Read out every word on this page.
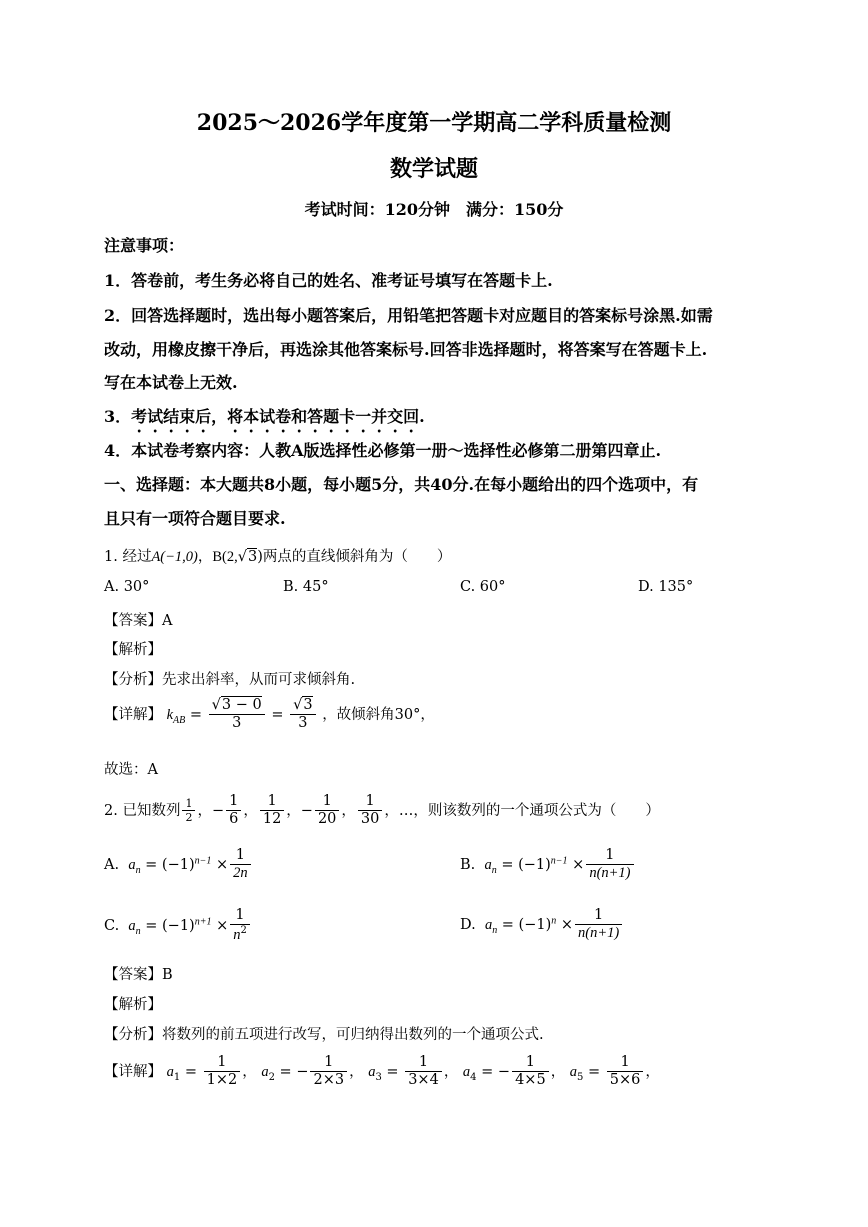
2025～2026学年度第一学期高二学科质量检测
数学试题
考试时间：120分钟　满分：150分
注意事项：
1．答卷前，考生务必将自己的姓名、准考证号填写在答题卡上.
2．回答选择题时，选出每小题答案后，用铅笔把答题卡对应题目的答案标号涂黑.如需
改动，用橡皮擦干净后，再选涂其他答案标号.回答非选择题时，将答案写在答题卡上.
写在本试卷上无效.
3．考试结束后，将本试卷和答题卡一并交回.
4．本试卷考察内容：人教A版选择性必修第一册～选择性必修第二册第四章止.
一、选择题：本大题共8小题，每小题5分，共40分.在每小题给出的四个选项中，有
且只有一项符合题目要求.
1. 经过A(−1,0)，B(2,√3)两点的直线倾斜角为（　　）
A. 30°	B. 45°	C. 60°	D. 135°
【答案】A
【解析】
【分析】先求出斜率，从而可求倾斜角.
【详解】 $k_{AB} = \frac{√3 - 0}{3} = \frac{√3}{3}$ ，故倾斜角30°，
故选：A
2. 已知数列 $\frac{1}{2}$ ，− $\frac{1}{6}$ ， $\frac{1}{12}$ ，− $\frac{1}{20}$ ， $\frac{1}{30}$ ，…，则该数列的一个通项公式为（　　）
A. $a_n = (-1)^{n-1} \times \frac{1}{2n}$	B. $a_n = (-1)^{n-1} \times \frac{1}{n(n+1)}$
C. $a_n = (-1)^{n+1} \times \frac{1}{n^2}$	D. $a_n = (-1)^n \times \frac{1}{n(n+1)}$
【答案】B
【解析】
【分析】将数列的前五项进行改写，可归纳得出数列的一个通项公式.
【详解】 $a_1 = \frac{1}{1\times 2}$ ， $a_2$ = − $\frac{1}{2\times 3}$ ， $a_3 = \frac{1}{3\times 4}$ ， $a_4$ = − $\frac{1}{4\times 5}$ ， $a_5 = \frac{1}{5\times 6}$ ，
